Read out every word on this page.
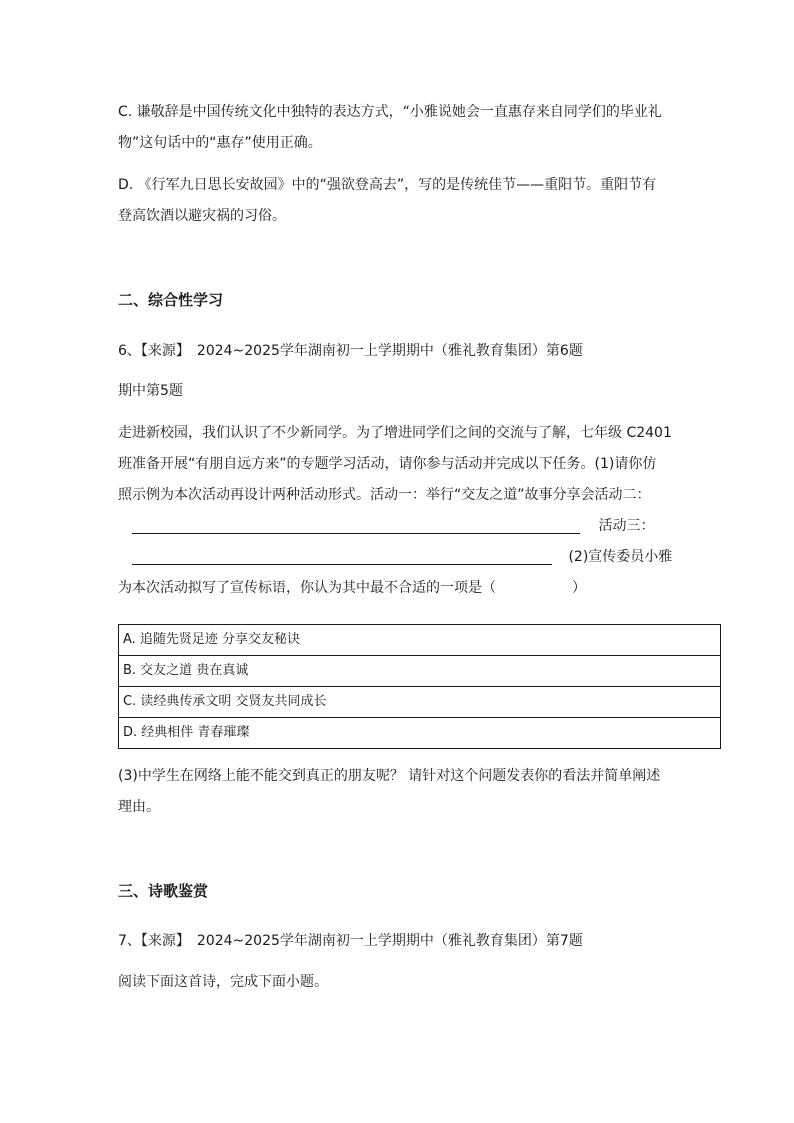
C. 谦敬辞是中国传统文化中独特的表达方式，“小雅说她会一直惠存来自同学们的毕业礼

物”这句话中的“惠存”使用正确。

D. 《行军九日思长安故园》中的“强欲登高去”，写的是传统佳节——重阳节。重阳节有

登高饮酒以避灾祸的习俗。

二、综合性学习

6、【来源】　2024~2025学年湖南初一上学期期中（雅礼教育集团）第6题

期中第5题

走进新校园，我们认识了不少新同学。为了增进同学们之间的交流与了解，七年级 C2401

班准备开展“有朋自远方来”的专题学习活动，请你参与活动并完成以下任务。(1)请你仿

照示例为本次活动再设计两种活动形式。活动一：举行“交友之道”故事分享会活动二：

活动三：
(2)宣传委员小雅
为本次活动拟写了宣传标语，你认为其中最不合适的一项是（	）
A. 追随先贤足迹 分享交友秘诀
B. 交友之道 贵在真诚
C. 读经典传承文明 交贤友共同成长
D. 经典相伴 青春璀璨

(3)中学生在网络上能不能交到真正的朋友呢？ 请针对这个问题发表你的看法并简单阐述

理由。

三、诗歌鉴赏

7、【来源】　2024~2025学年湖南初一上学期期中（雅礼教育集团）第7题

阅读下面这首诗，完成下面小题。
